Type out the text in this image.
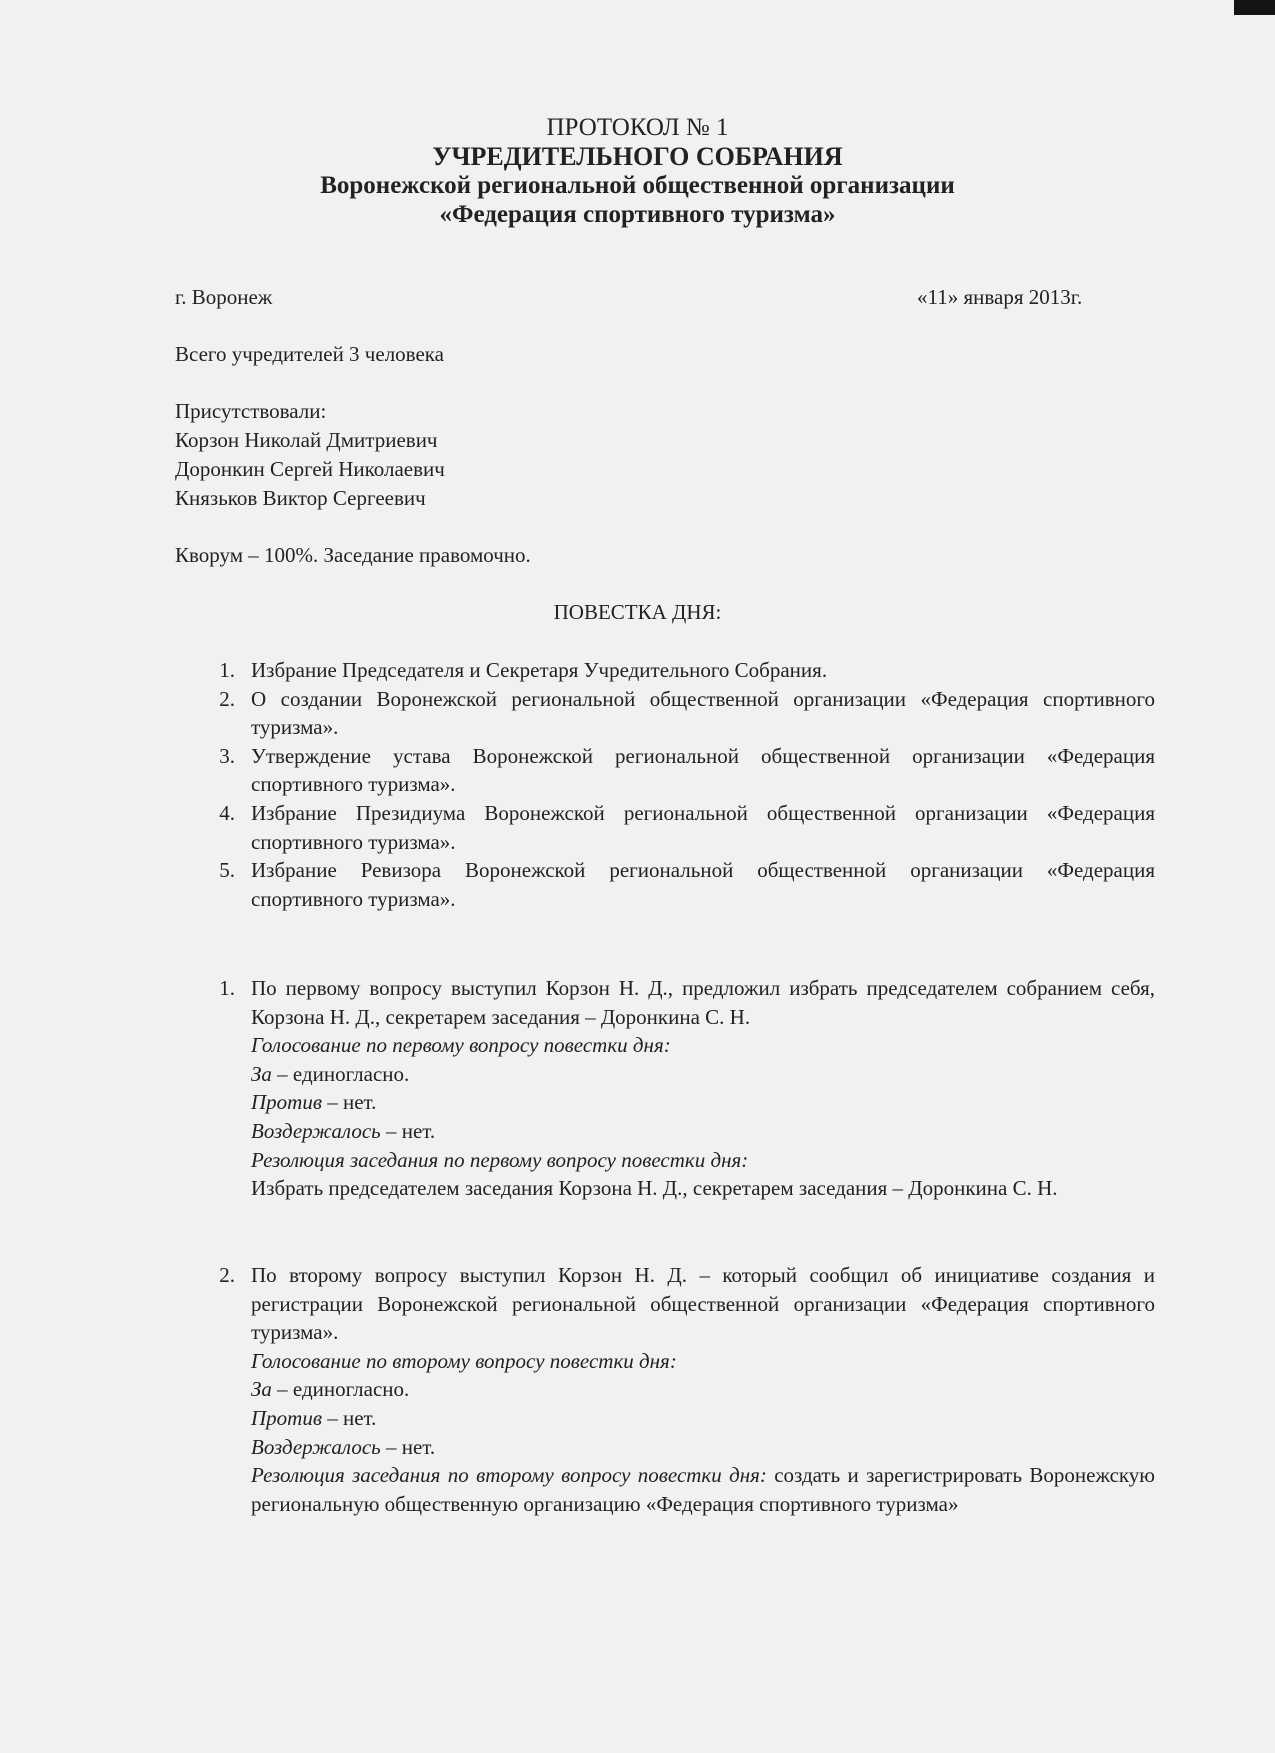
ПРОТОКОЛ № 1
УЧРЕДИТЕЛЬНОГО СОБРАНИЯ
Воронежской региональной общественной организации
«Федерация спортивного туризма»
г. Воронеж	«11» января 2013г.
Всего учредителей 3 человека
Присутствовали:
Корзон Николай Дмитриевич
Доронкин Сергей Николаевич
Князьков Виктор Сергеевич
Кворум – 100%. Заседание правомочно.
ПОВЕСТКА ДНЯ:
1. Избрание Председателя и Секретаря Учредительного Собрания.
2. О создании Воронежской региональной общественной организации «Федерация спортивного туризма».
3. Утверждение устава Воронежской региональной общественной организации «Федерация спортивного туризма».
4. Избрание Президиума Воронежской региональной общественной организации «Федерация спортивного туризма».
5. Избрание Ревизора Воронежской региональной общественной организации «Федерация спортивного туризма».
1. По первому вопросу выступил Корзон Н. Д., предложил избрать председателем собранием себя, Корзона Н. Д., секретарем заседания – Доронкина С. Н.
Голосование по первому вопросу повестки дня:
За – единогласно.
Против – нет.
Воздержалось – нет.
Резолюция заседания по первому вопросу повестки дня:
Избрать председателем заседания Корзона Н. Д., секретарем заседания – Доронкина С. Н.
2. По второму вопросу выступил Корзон Н. Д. – который сообщил об инициативе создания и регистрации Воронежской региональной общественной организации «Федерация спортивного туризма».
Голосование по второму вопросу повестки дня:
За – единогласно.
Против – нет.
Воздержалось – нет.
Резолюция заседания по второму вопросу повестки дня: создать и зарегистрировать Воронежскую региональную общественную организацию «Федерация спортивного туризма»
